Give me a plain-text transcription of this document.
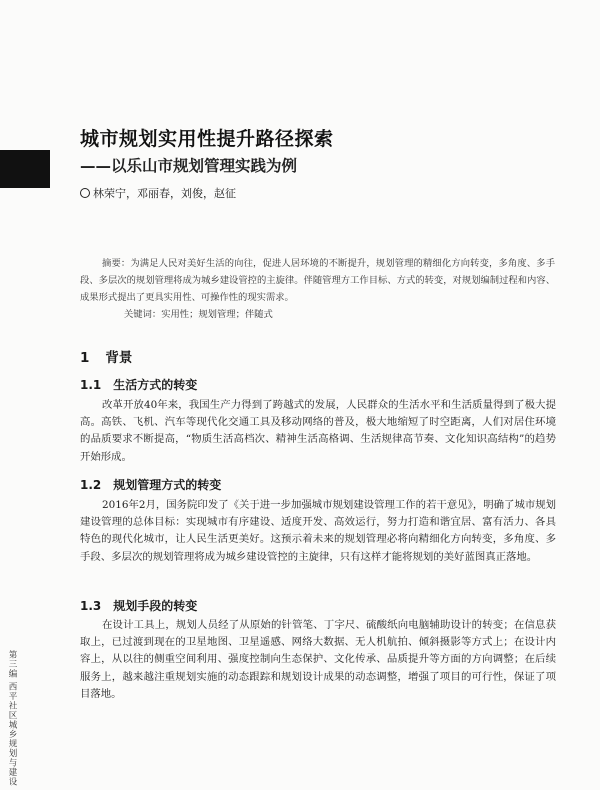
第三编 西平社区城乡规划与建设
城市规划实用性提升路径探索
——以乐山市规划管理实践为例
林荣宁，邓丽春，刘俊，赵征

摘要：为满足人民对美好生活的向往，促进人居环境的不断提升，规划管理的精细化方向转变，多角度、多手段、多层次的规划管理将成为城乡建设管控的主旋律。伴随管理方工作目标、方式的转变，对规划编制过程和内容、成果形式提出了更具实用性、可操作性的现实需求。

关键词：实用性；规划管理；伴随式

1 背景
1.1 生活方式的转变

改革开放40年来，我国生产力得到了跨越式的发展，人民群众的生活水平和生活质量得到了极大提高。高铁、飞机、汽车等现代化交通工具及移动网络的普及，极大地缩短了时空距离，人们对居住环境的品质要求不断提高，“物质生活高档次、精神生活高格调、生活规律高节奏、文化知识高结构”的趋势开始形成。

1.2 规划管理方式的转变

2016年2月，国务院印发了《关于进一步加强城市规划建设管理工作的若干意见》，明确了城市规划建设管理的总体目标：实现城市有序建设、适度开发、高效运行，努力打造和谐宜居、富有活力、各具特色的现代化城市，让人民生活更美好。这预示着未来的规划管理必将向精细化方向转变，多角度、多手段、多层次的规划管理将成为城乡建设管控的主旋律，只有这样才能将规划的美好蓝图真正落地。

1.3 规划手段的转变

在设计工具上，规划人员经了从原始的针管笔、丁字尺、硫酸纸向电脑辅助设计的转变；在信息获取上，已过渡到现在的卫星地图、卫星遥感、网络大数据、无人机航拍、倾斜摄影等方式上；在设计内容上，从以往的侧重空间利用、强度控制向生态保护、文化传承、品质提升等方面的方向调整；在后续服务上，越来越注重规划实施的动态跟踪和规划设计成果的动态调整，增强了项目的可行性，保证了项目落地。
